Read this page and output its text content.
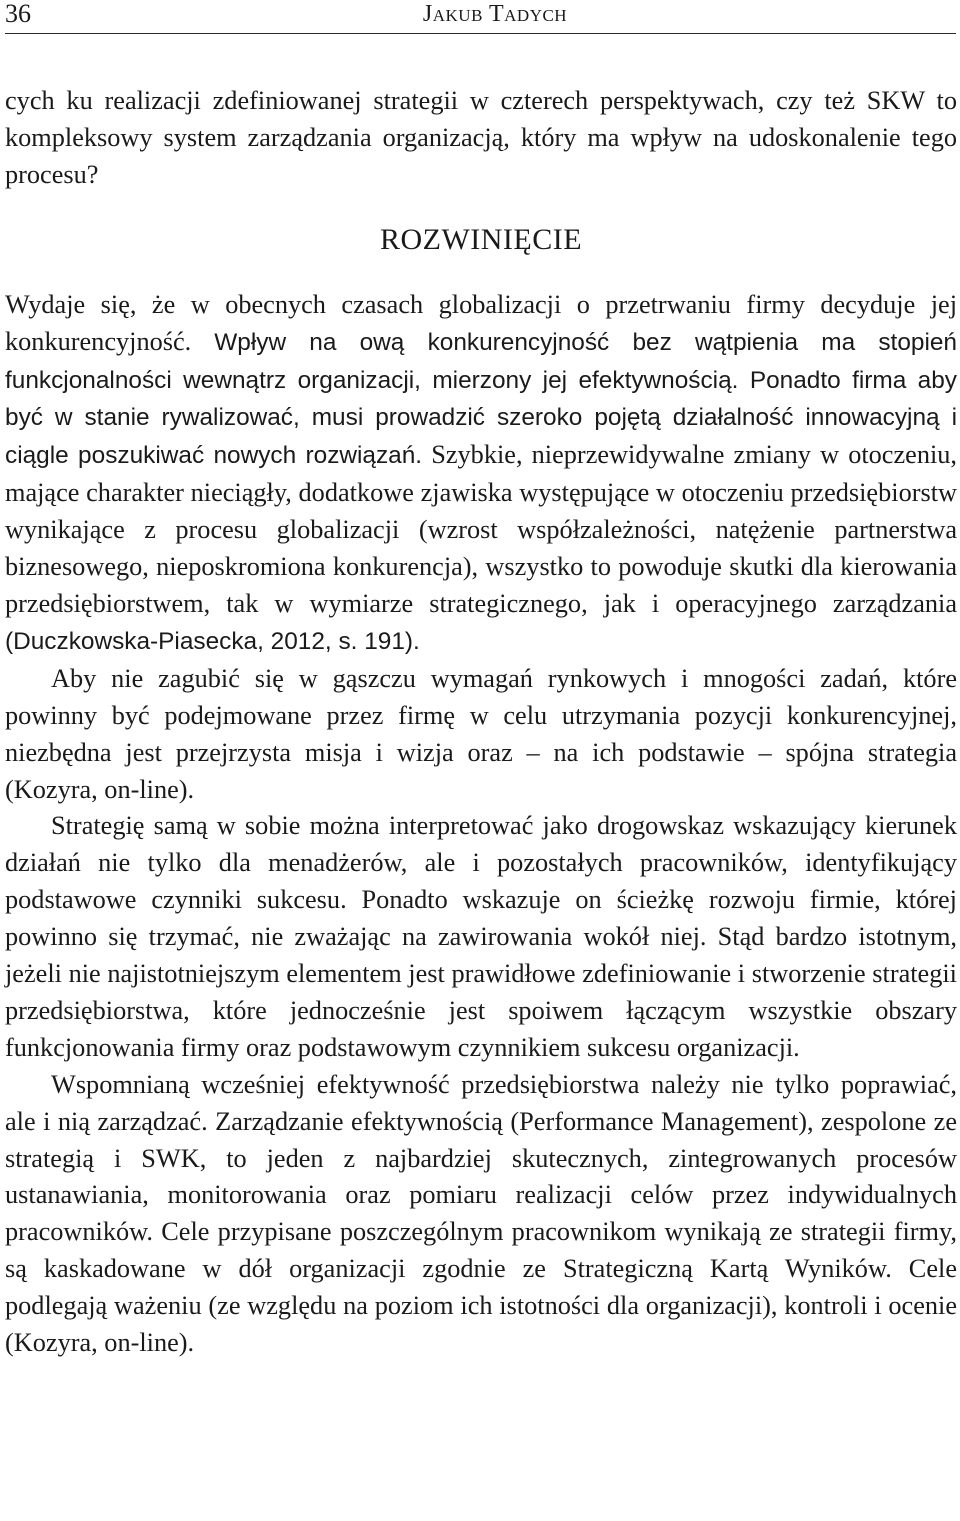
36	Jakub Tadych

cych ku realizacji zdefiniowanej strategii w czterech perspektywach, czy też SKW to kompleksowy system zarządzania organizacją, który ma wpływ na udoskonalenie tego procesu?

ROZWINIĘCIE

Wydaje się, że w obecnych czasach globalizacji o przetrwaniu firmy decyduje jej konkurencyjność. Wpływ na ową konkurencyjność bez wątpienia ma stopień funkcjonalności wewnątrz organizacji, mierzony jej efektywnością. Ponadto firma aby być w stanie rywalizować, musi prowadzić szeroko pojętą działalność innowacyjną i ciągle poszukiwać nowych rozwiązań. Szybkie, nieprzewidywalne zmiany w otoczeniu, mające charakter nieciągły, dodatkowe zjawiska występujące w otoczeniu przedsiębiorstw wynikające z procesu globalizacji (wzrost współzależności, natężenie partnerstwa biznesowego, nieposkromiona konkurencja), wszystko to powoduje skutki dla kierowania przedsiębiorstwem, tak w wymiarze strategicznego, jak i operacyjnego zarządzania (Duczkowska-Piasecka, 2012, s. 191).

Aby nie zagubić się w gąszczu wymagań rynkowych i mnogości zadań, które powinny być podejmowane przez firmę w celu utrzymania pozycji konkurencyjnej, niezbędna jest przejrzysta misja i wizja oraz – na ich podstawie – spójna strategia (Kozyra, on-line).

Strategię samą w sobie można interpretować jako drogowskaz wskazujący kierunek działań nie tylko dla menadżerów, ale i pozostałych pracowników, identyfikujący podstawowe czynniki sukcesu. Ponadto wskazuje on ścieżkę rozwoju firmie, której powinno się trzymać, nie zważając na zawirowania wokół niej. Stąd bardzo istotnym, jeżeli nie najistotniejszym elementem jest prawidłowe zdefiniowanie i stworzenie strategii przedsiębiorstwa, które jednocześnie jest spoiwem łączącym wszystkie obszary funkcjonowania firmy oraz podstawowym czynnikiem sukcesu organizacji.

Wspomnianą wcześniej efektywność przedsiębiorstwa należy nie tylko poprawiać, ale i nią zarządzać. Zarządzanie efektywnością (Performance Management), zespolone ze strategią i SWK, to jeden z najbardziej skutecznych, zintegrowanych procesów ustanawiania, monitorowania oraz pomiaru realizacji celów przez indywidualnych pracowników. Cele przypisane poszczególnym pracownikom wynikają ze strategii firmy, są kaskadowane w dół organizacji zgodnie ze Strategiczną Kartą Wyników. Cele podlegają ważeniu (ze względu na poziom ich istotności dla organizacji), kontroli i ocenie (Kozyra, on-line).
